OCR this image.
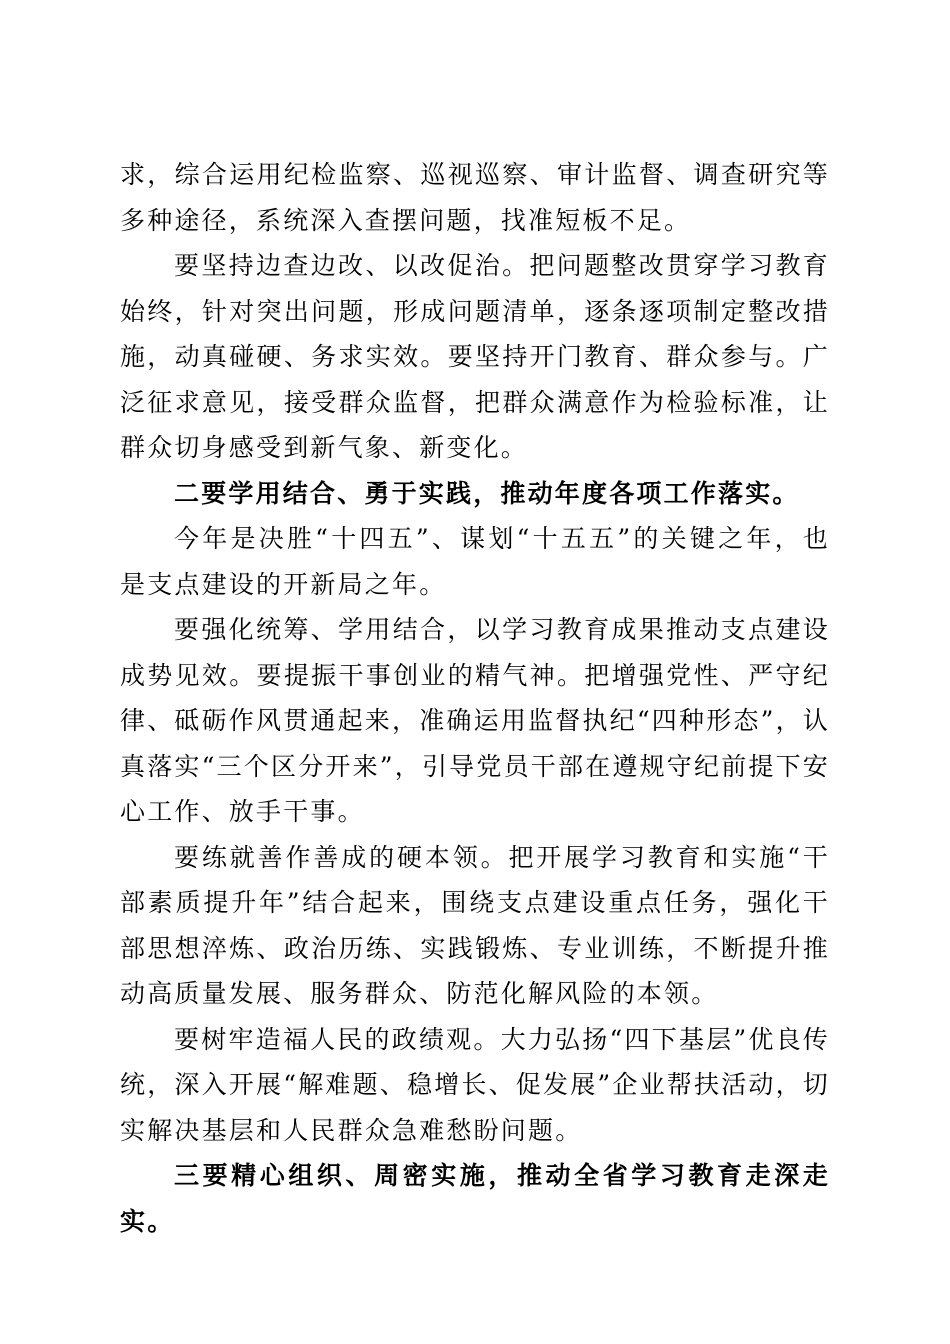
求，综合运用纪检监察、巡视巡察、审计监督、调查研究等多种途径，系统深入查摆问题，找准短板不足。

要坚持边查边改、以改促治。把问题整改贯穿学习教育始终，针对突出问题，形成问题清单，逐条逐项制定整改措施，动真碰硬、务求实效。要坚持开门教育、群众参与。广泛征求意见，接受群众监督，把群众满意作为检验标准，让群众切身感受到新气象、新变化。

二要学用结合、勇于实践，推动年度各项工作落实。

今年是决胜“十四五”、谋划“十五五”的关键之年，也是支点建设的开新局之年。

要强化统筹、学用结合，以学习教育成果推动支点建设成势见效。要提振干事创业的精气神。把增强党性、严守纪律、砥砺作风贯通起来，准确运用监督执纪“四种形态”，认真落实“三个区分开来”，引导党员干部在遵规守纪前提下安心工作、放手干事。

要练就善作善成的硬本领。把开展学习教育和实施“干部素质提升年”结合起来，围绕支点建设重点任务，强化干部思想淬炼、政治历练、实践锻炼、专业训练，不断提升推动高质量发展、服务群众、防范化解风险的本领。

要树牢造福人民的政绩观。大力弘扬“四下基层”优良传统，深入开展“解难题、稳增长、促发展”企业帮扶活动，切实解决基层和人民群众急难愁盼问题。

三要精心组织、周密实施，推动全省学习教育走深走实。
